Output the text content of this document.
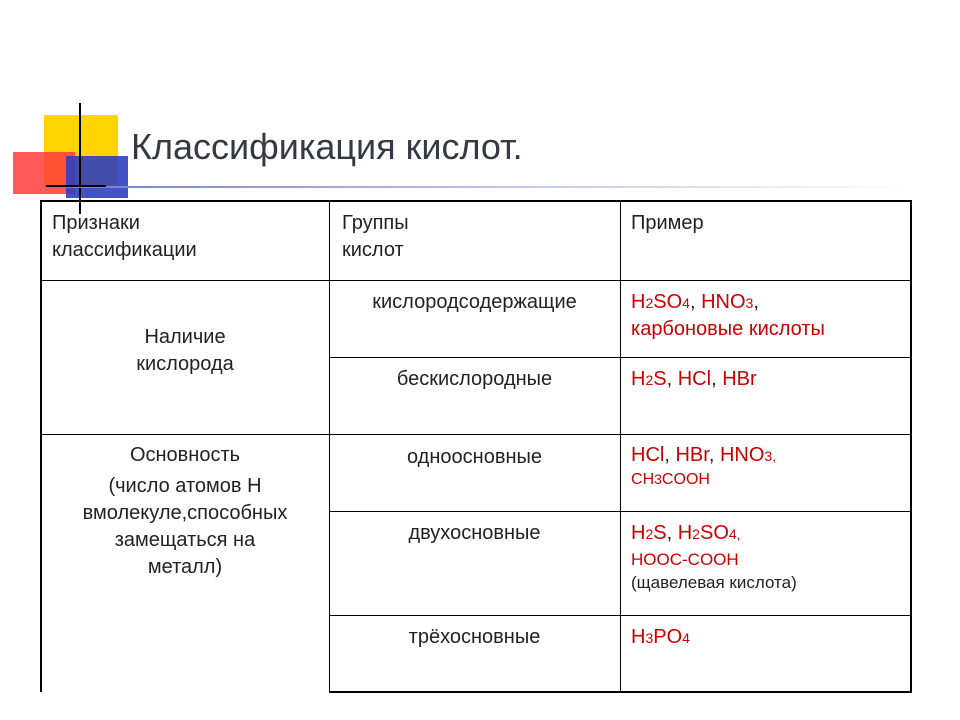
Классификация кислот.
Признаки
классификации
Группы
кислот
Пример
Наличие
кислорода
Основность
(число атомов Н
вмолекуле,способных
замещаться на
металл)
кислородсодержащие
бескислородные
одноосновные
двухосновные
трёхосновные
H2SO4, HNO3,
карбоновые кислоты
H2S, HCl, HBr
HCl, HBr, HNO3,
CH3COOH
H2S, H2SO4,
HOOC-COOH
(щавелевая кислота)
H3PO4
